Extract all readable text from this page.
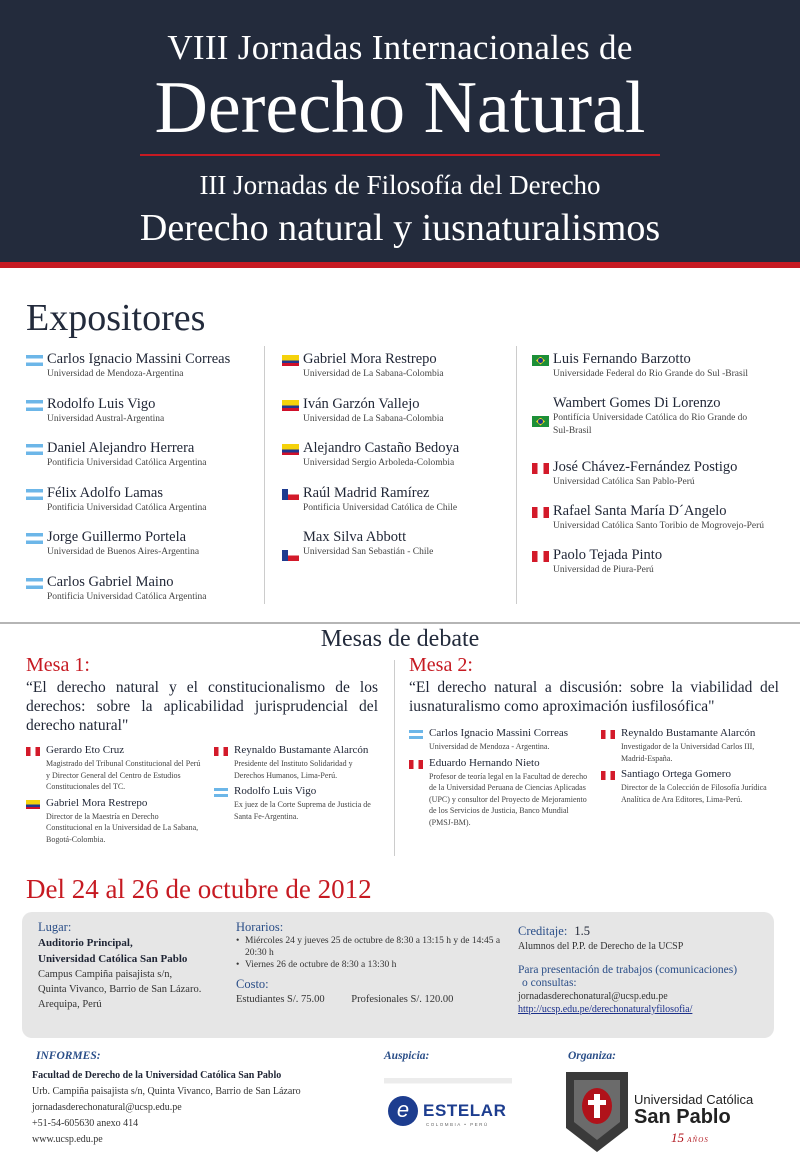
VIII Jornadas Internacionales de
Derecho Natural
III Jornadas de Filosofía del Derecho
Derecho natural y iusnaturalismos
Expositores
Carlos Ignacio Massini Correas
Universidad de Mendoza-Argentina
Rodolfo Luis Vigo
Universidad Austral-Argentina
Daniel Alejandro Herrera
Pontificia Universidad Católica Argentina
Félix Adolfo Lamas
Pontificia Universidad Católica Argentina
Jorge Guillermo Portela
Universidad de Buenos Aires-Argentina
Carlos Gabriel Maino
Pontificia Universidad Católica Argentina
Gabriel Mora Restrepo
Universidad de La Sabana-Colombia
Iván Garzón Vallejo
Universidad de La Sabana-Colombia
Alejandro Castaño Bedoya
Universidad Sergio Arboleda-Colombia
Raúl Madrid Ramírez
Pontificia Universidad Católica de Chile
Max Silva Abbott
Universidad San Sebastián - Chile
Luis Fernando Barzotto
Universidade Federal do Rio Grande do Sul -Brasil
Wambert Gomes Di Lorenzo
Pontifícia Universidade Católica do Rio Grande do Sul-Brasil
José Chávez-Fernández Postigo
Universidad Católica San Pablo-Perú
Rafael Santa María D´Angelo
Universidad Católica Santo Toribio de Mogrovejo-Perú
Paolo Tejada Pinto
Universidad de Piura-Perú
Mesas de debate
Mesa 1:
“El derecho natural y el constitucionalismo de los derechos: sobre la aplicabilidad jurisprudencial del derecho natural"
Gerardo Eto Cruz
Magistrado del Tribunal Constitucional del Perú y Director General del Centro de Estudios Constitucionales del TC.
Gabriel Mora Restrepo
Director de la Maestría en Derecho Constitucional en la Universidad de La Sabana, Bogotá-Colombia.
Reynaldo Bustamante Alarcón
Presidente del Instituto Solidaridad y Derechos Humanos, Lima-Perú.
Rodolfo Luis Vigo
Ex juez de la Corte Suprema de Justicia de Santa Fe-Argentina.
Mesa 2:
“El derecho natural a discusión: sobre la viabilidad del iusnaturalismo como aproximación iusfilosófica"
Carlos Ignacio Massini Correas
Universidad de Mendoza - Argentina.
Eduardo Hernando Nieto
Profesor de teoría legal en la Facultad de derecho de la Universidad Peruana de Ciencias Aplicadas (UPC) y consultor del Proyecto de Mejoramiento de los Servicios de Justicia, Banco Mundial (PMSJ-BM).
Reynaldo Bustamante Alarcón
Investigador de la Universidad Carlos III, Madrid-España.
Santiago Ortega Gomero
Director de la Colección de Filosofía Jurídica Analítica de Ara Editores, Lima-Perú.
Del 24 al 26 de octubre de 2012
Lugar:
Auditorio Principal,
Universidad Católica San Pablo
Campus Campiña paisajista s/n,
Quinta Vivanco, Barrio de San Lázaro.
Arequipa, Perú
Horarios:
• Miércoles 24 y jueves 25 de octubre de 8:30 a 13:15 h y de 14:45 a 20:30 h
• Viernes 26 de octubre de 8:30 a 13:30 h
Costo:
Estudiantes S/. 75.00	Profesionales S/. 120.00
Creditaje: 1.5
Alumnos del P.P. de Derecho de la UCSP
Para presentación de trabajos (comunicaciones)
o consultas:
jornadasderechonatural@ucsp.edu.pe
http://ucsp.edu.pe/derechonaturalyfilosofia/
INFORMES:
Facultad de Derecho de la Universidad Católica San Pablo
Urb. Campiña paisajista s/n, Quinta Vivanco, Barrio de San Lázaro
jornadasderechonatural@ucsp.edu.pe
+51-54-605630 anexo 414
www.ucsp.edu.pe
Auspicia:
e ESTELAR
COLOMBIA • PERÚ
Organiza:
Universidad Católica
San Pablo
15 AÑOS
